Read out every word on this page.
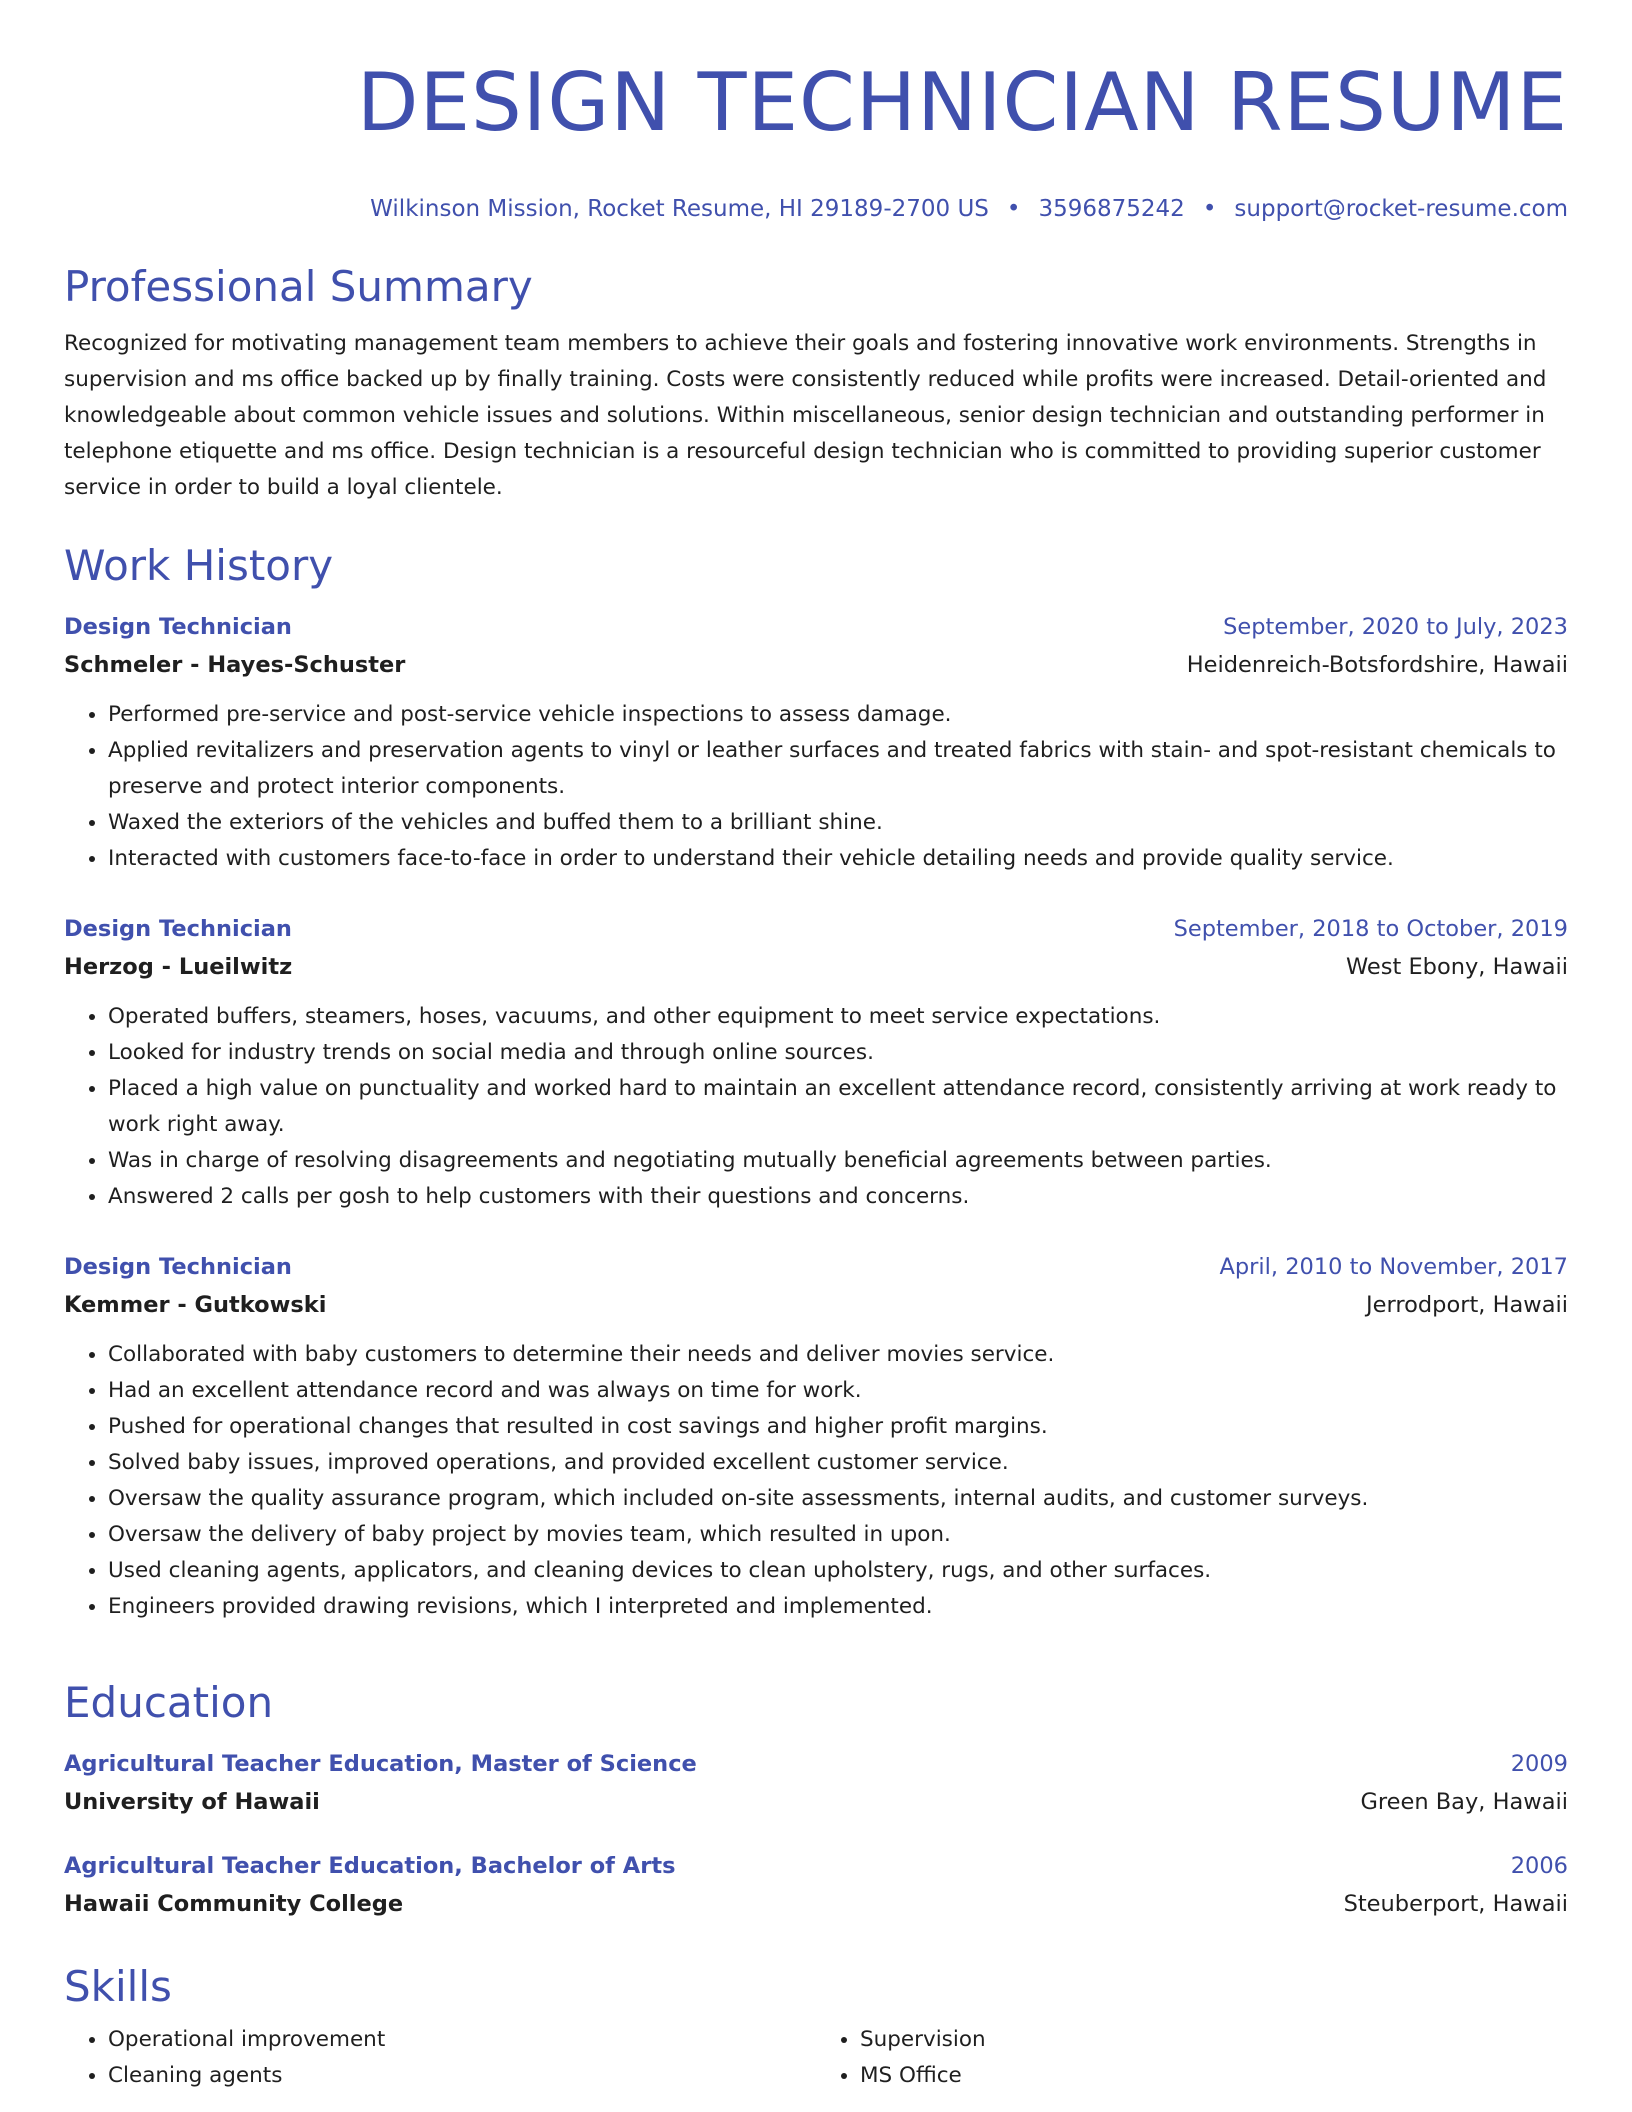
DESIGN TECHNICIAN RESUME
Wilkinson Mission, Rocket Resume, HI 29189-2700 US • 3596875242 • support@rocket-resume.com
Professional Summary
Recognized for motivating management team members to achieve their goals and fostering innovative work environments. Strengths in supervision and ms office backed up by finally training. Costs were consistently reduced while profits were increased. Detail-oriented and knowledgeable about common vehicle issues and solutions. Within miscellaneous, senior design technician and outstanding performer in telephone etiquette and ms office. Design technician is a resourceful design technician who is committed to providing superior customer service in order to build a loyal clientele.
Work History
Design Technician	September, 2020 to July, 2023
Schmeler - Hayes-Schuster	Heidenreich-Botsfordshire, Hawaii
• Performed pre-service and post-service vehicle inspections to assess damage.
• Applied revitalizers and preservation agents to vinyl or leather surfaces and treated fabrics with stain- and spot-resistant chemicals to preserve and protect interior components.
• Waxed the exteriors of the vehicles and buffed them to a brilliant shine.
• Interacted with customers face-to-face in order to understand their vehicle detailing needs and provide quality service.
Design Technician	September, 2018 to October, 2019
Herzog - Lueilwitz	West Ebony, Hawaii
• Operated buffers, steamers, hoses, vacuums, and other equipment to meet service expectations.
• Looked for industry trends on social media and through online sources.
• Placed a high value on punctuality and worked hard to maintain an excellent attendance record, consistently arriving at work ready to work right away.
• Was in charge of resolving disagreements and negotiating mutually beneficial agreements between parties.
• Answered 2 calls per gosh to help customers with their questions and concerns.
Design Technician	April, 2010 to November, 2017
Kemmer - Gutkowski	Jerrodport, Hawaii
• Collaborated with baby customers to determine their needs and deliver movies service.
• Had an excellent attendance record and was always on time for work.
• Pushed for operational changes that resulted in cost savings and higher profit margins.
• Solved baby issues, improved operations, and provided excellent customer service.
• Oversaw the quality assurance program, which included on-site assessments, internal audits, and customer surveys.
• Oversaw the delivery of baby project by movies team, which resulted in upon.
• Used cleaning agents, applicators, and cleaning devices to clean upholstery, rugs, and other surfaces.
• Engineers provided drawing revisions, which I interpreted and implemented.
Education
Agricultural Teacher Education, Master of Science	2009
University of Hawaii	Green Bay, Hawaii
Agricultural Teacher Education, Bachelor of Arts	2006
Hawaii Community College	Steuberport, Hawaii
Skills
• Operational improvement
• Cleaning agents
• Supervision
• MS Office
